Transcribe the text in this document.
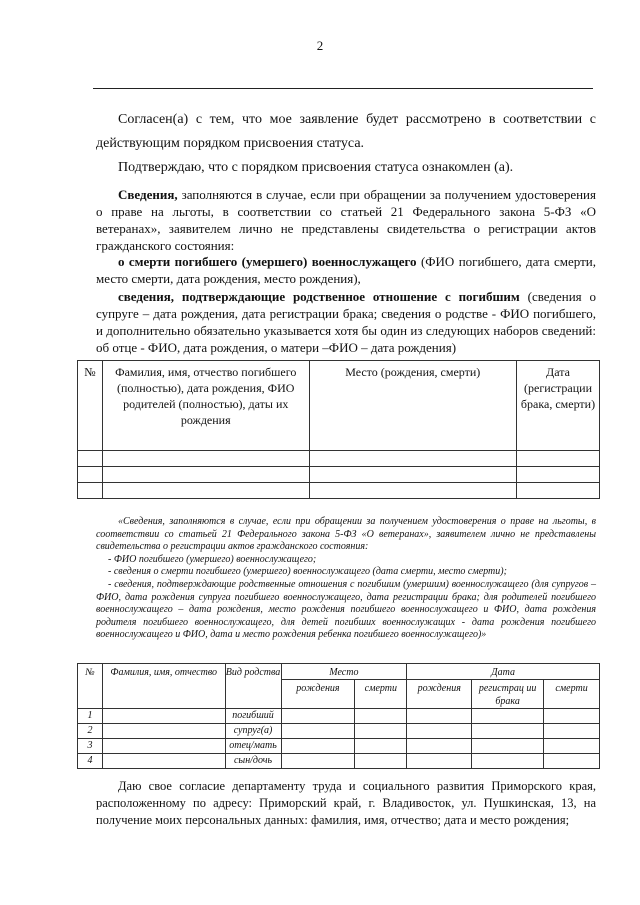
2

Согласен(а) с тем, что мое заявление будет рассмотрено в соответствии с действующим порядком присвоения статуса.

Подтверждаю, что с порядком присвоения статуса ознакомлен (а).

Сведения, заполняются в случае, если при обращении за получением удостоверения о праве на льготы, в соответствии со статьей 21 Федерального закона 5-ФЗ «О ветеранах», заявителем лично не представлены свидетельства о регистрации актов гражданского состояния:

о смерти погибшего (умершего) военнослужащего (ФИО погибшего, дата смерти, место смерти, дата рождения, место рождения),

сведения, подтверждающие родственное отношение с погибшим (сведения о супруге – дата рождения, дата регистрации брака; сведения о родстве - ФИО погибшего, и дополнительно обязательно указывается хотя бы один из следующих наборов сведений: об отце - ФИО, дата рождения, о матери –ФИО – дата рождения)

№	Фамилия, имя, отчество погибшего (полностью), дата рождения, ФИО родителей (полностью), даты их рождения	Место (рождения, смерти)	Дата (регистрации брака, смерти)

«Сведения, заполняются в случае, если при обращении за получением удостоверения о праве на льготы, в соответствии со статьей 21 Федерального закона 5-ФЗ «О ветеранах», заявителем лично не представлены свидетельства о регистрации актов гражданского состояния:
- ФИО погибшего (умершего) военнослужащего;
- сведения о смерти погибшего (умершего) военнослужащего (дата смерти, место смерти);
- сведения, подтверждающие родственные отношения с погибшим (умершим) военнослужащего (для супругов – ФИО, дата рождения супруга погибшего военнослужащего, дата регистрации брака; для родителей погибшего военнослужащего – дата рождения, место рождения погибшего военнослужащего и ФИО, дата рождения родителя погибшего военнослужащего, для детей погибших военнослужащих - дата рождения погибшего военнослужащего и ФИО, дата и место рождения ребенка погибшего военнослужащего)»
№	Фамилия, имя, отчество	Вид родства	Место		Дата		
			рождения	смерти	рождения	регистрац ии брака	смерти
1		погибший					
2		супруг(а)					
3		отец/мать					
4		сын/дочь					

Даю свое согласие департаменту труда и социального развития Приморского края, расположенному по адресу: Приморский край, г. Владивосток, ул. Пушкинская, 13, на получение моих персональных данных: фамилия, имя, отчество; дата и место рождения;
